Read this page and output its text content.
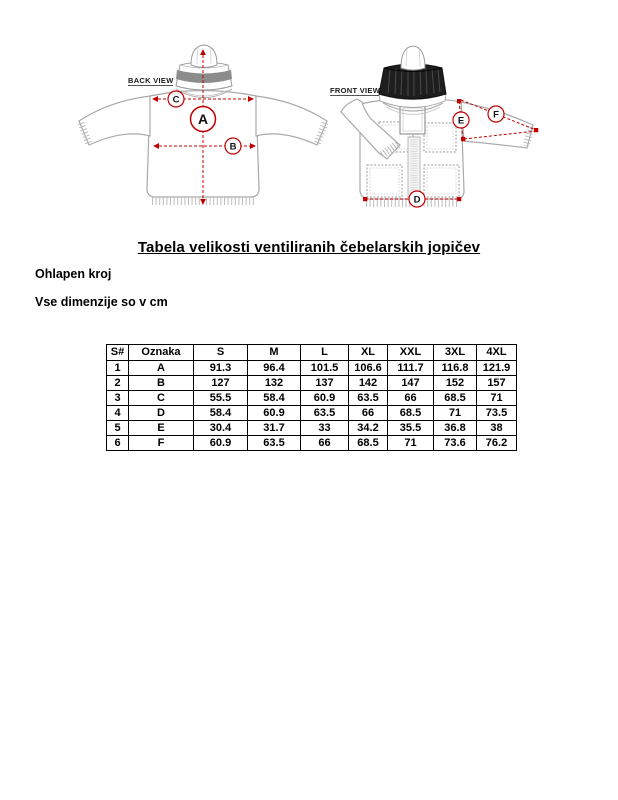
A
C
B
BACK VIEW
D
E
F
FRONT VIEW
Tabela velikosti ventiliranih čebelarskih jopičev
Ohlapen kroj
Vse dimenzije so v cm
S#	Oznaka	S	M	L	XL	XXL	3XL	4XL
1	A	91.3	96.4	101.5	106.6	111.7	116.8	121.9
2	B	127	132	137	142	147	152	157
3	C	55.5	58.4	60.9	63.5	66	68.5	71
4	D	58.4	60.9	63.5	66	68.5	71	73.5
5	E	30.4	31.7	33	34.2	35.5	36.8	38
6	F	60.9	63.5	66	68.5	71	73.6	76.2
